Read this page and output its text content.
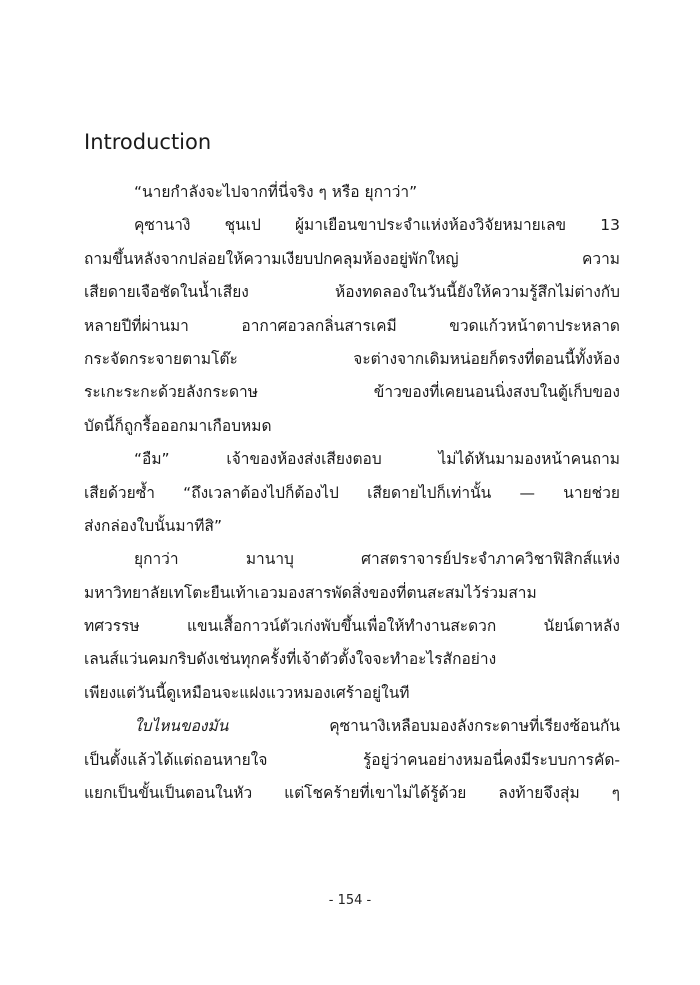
Introduction
“นายกำลังจะไปจากที่นี่จริง ๆ หรือ ยุกาว่า”
คุซานางิ ชุนเป ผู้มาเยือนขาประจำแห่งห้องวิจัยหมายเลข 13
ถามขึ้นหลังจากปล่อยให้ความเงียบปกคลุมห้องอยู่พักใหญ่ ความ
เสียดายเจือชัดในน้ำเสียง ห้องทดลองในวันนี้ยังให้ความรู้สึกไม่ต่างกับ
หลายปีที่ผ่านมา อากาศอวลกลิ่นสารเคมี ขวดแก้วหน้าตาประหลาด
กระจัดกระจายตามโต๊ะ จะต่างจากเดิมหน่อยก็ตรงที่ตอนนี้ทั้งห้อง
ระเกะระกะด้วยลังกระดาษ ข้าวของที่เคยนอนนิ่งสงบในตู้เก็บของ
บัดนี้ก็ถูกรื้อออกมาเกือบหมด
“อืม” เจ้าของห้องส่งเสียงตอบ ไม่ได้หันมามองหน้าคนถาม
เสียด้วยซ้ำ “ถึงเวลาต้องไปก็ต้องไป เสียดายไปก็เท่านั้น — นายช่วย
ส่งกล่องใบนั้นมาทีสิ”
ยุกาว่า มานาบุ ศาสตราจารย์ประจำภาควิชาฟิสิกส์แห่ง
มหาวิทยาลัยเทโตะยืนเท้าเอวมองสารพัดสิ่งของที่ตนสะสมไว้ร่วมสาม
ทศวรรษ แขนเสื้อกาวน์ตัวเก่งพับขึ้นเพื่อให้ทำงานสะดวก นัยน์ตาหลัง
เลนส์แว่นคมกริบดังเช่นทุกครั้งที่เจ้าตัวตั้งใจจะทำอะไรสักอย่าง
เพียงแต่วันนี้ดูเหมือนจะแฝงแววหมองเศร้าอยู่ในที
ใบไหนของมัน คุซานางิเหลือบมองลังกระดาษที่เรียงซ้อนกัน
เป็นตั้งแล้วได้แต่ถอนหายใจ รู้อยู่ว่าคนอย่างหมอนี่คงมีระบบการคัด-
แยกเป็นขั้นเป็นตอนในหัว แต่โชคร้ายที่เขาไม่ได้รู้ด้วย ลงท้ายจึงสุ่ม ๆ
- 154 -
